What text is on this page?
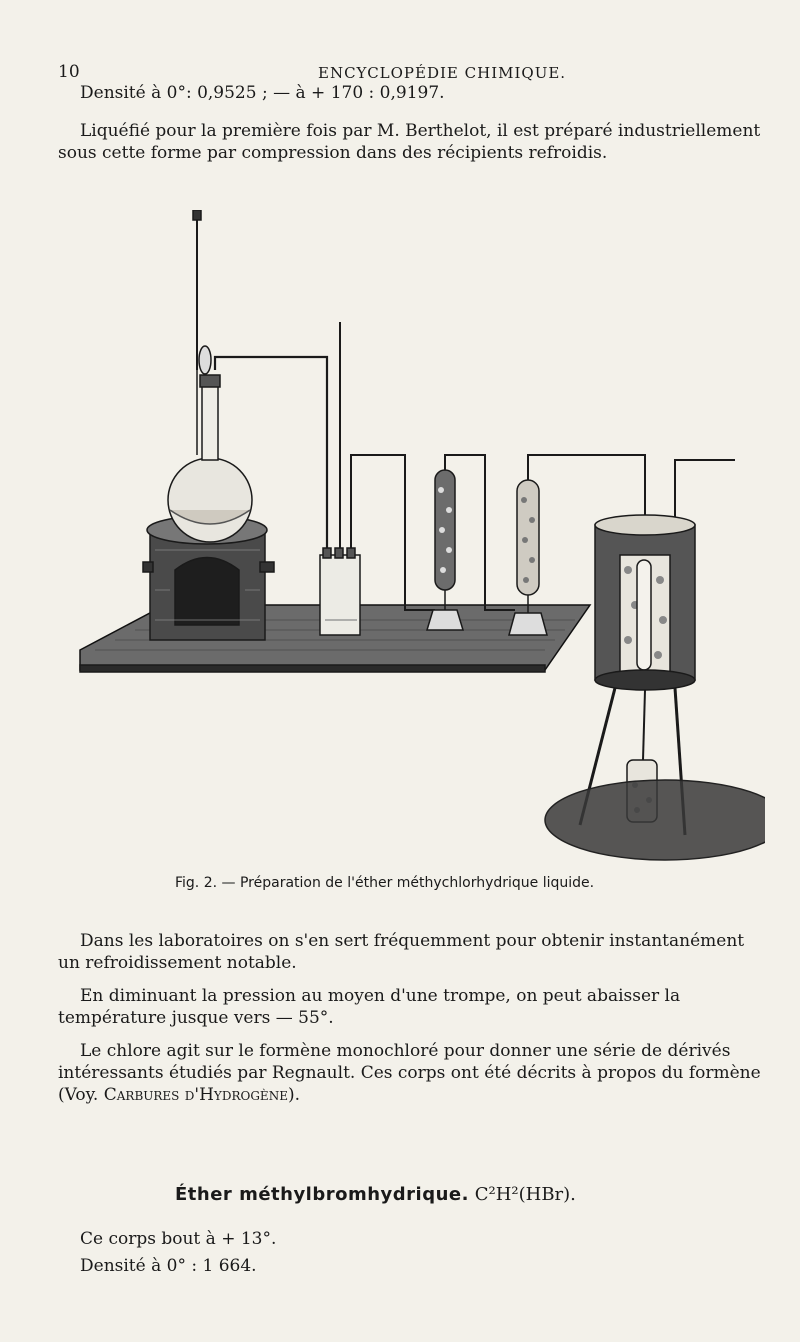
10	ENCYCLOPÉDIE CHIMIQUE.

Densité à 0°: 0,9525 ; — à + 170 : 0,9197.

Liquéfié pour la première fois par M. Berthelot, il est préparé industriellement sous cette forme par compression dans des récipients refroidis.

Fig. 2. — Préparation de l'éther méthychlorhydrique liquide.

Dans les laboratoires on s'en sert fréquemment pour obtenir instantanément un refroidissement notable.

En diminuant la pression au moyen d'une trompe, on peut abaisser la température jusque vers — 55°.

Le chlore agit sur le formène monochloré pour donner une série de dérivés intéressants étudiés par Regnault. Ces corps ont été décrits à propos du formène (Voy. Carbures d'Hydrogène).

Éther méthylbromhydrique. C²H²(HBr).

Ce corps bout à + 13°.

Densité à 0° : 1 664.
